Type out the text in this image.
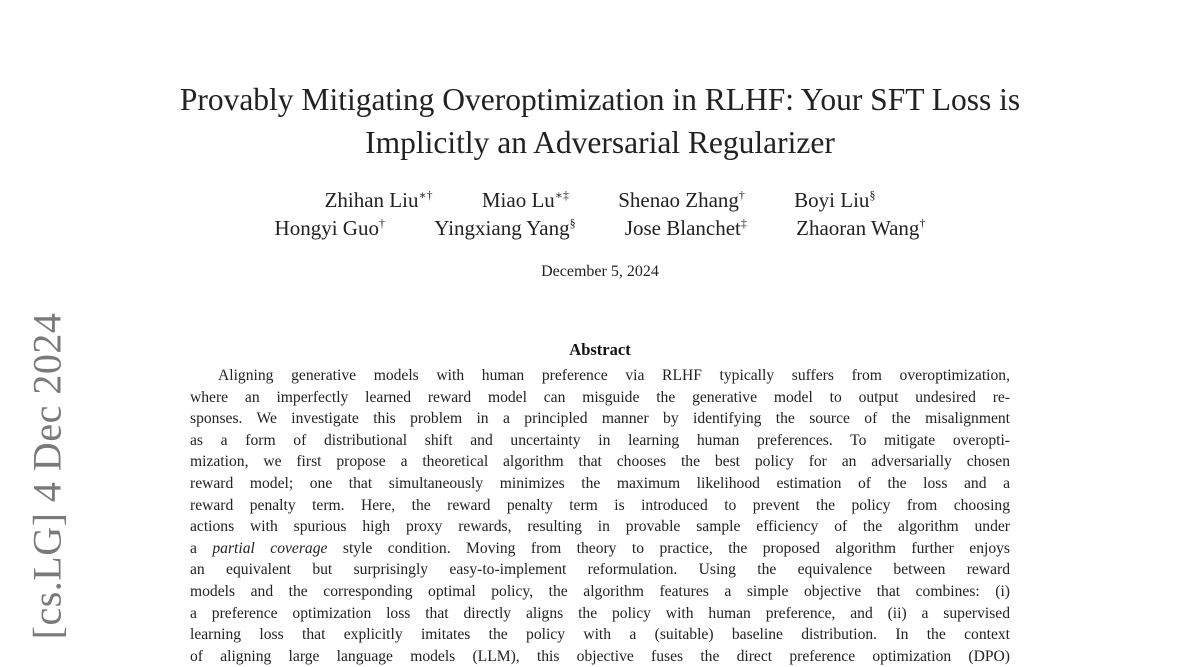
[cs.LG] 4 Dec 2024
Provably Mitigating Overoptimization in RLHF: Your SFT Loss is
Implicitly an Adversarial Regularizer
Zhihan Liu∗† Miao Lu∗‡ Shenao Zhang† Boyi Liu§
Hongyi Guo† Yingxiang Yang§ Jose Blanchet‡ Zhaoran Wang†
December 5, 2024
Abstract
Aligning generative models with human preference via RLHF typically suffers from overoptimization,
where an imperfectly learned reward model can misguide the generative model to output undesired re-
sponses. We investigate this problem in a principled manner by identifying the source of the misalignment
as a form of distributional shift and uncertainty in learning human preferences. To mitigate overopti-
mization, we first propose a theoretical algorithm that chooses the best policy for an adversarially chosen
reward model; one that simultaneously minimizes the maximum likelihood estimation of the loss and a
reward penalty term. Here, the reward penalty term is introduced to prevent the policy from choosing
actions with spurious high proxy rewards, resulting in provable sample efficiency of the algorithm under
a partial coverage style condition. Moving from theory to practice, the proposed algorithm further enjoys
an equivalent but surprisingly easy-to-implement reformulation. Using the equivalence between reward
models and the corresponding optimal policy, the algorithm features a simple objective that combines: (i)
a preference optimization loss that directly aligns the policy with human preference, and (ii) a supervised
learning loss that explicitly imitates the policy with a (suitable) baseline distribution. In the context
of aligning large language models (LLM), this objective fuses the direct preference optimization (DPO)
